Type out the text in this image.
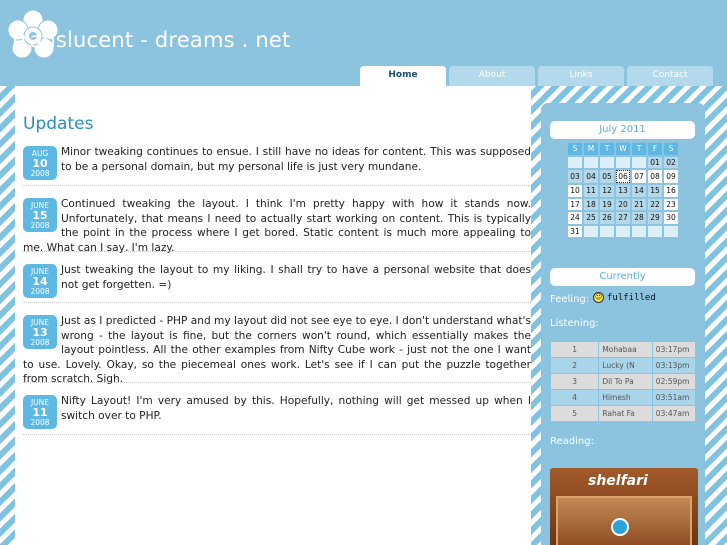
translucent - dreams . net
Home	About	Links	Contact
Updates
AUG
10
2008
Minor tweaking continues to ensue. I still have no ideas for content. This was supposed to be a personal domain, but my personal life is just very mundane.
JUNE
15
2008
Continued tweaking the layout. I think I'm pretty happy with how it stands now. Unfortunately, that means I need to actually start working on content. This is typically the point in the process where I get bored. Static content is much more appealing to me. What can I say, I'm lazy.
JUNE
14
2008
Just tweaking the layout to my liking. I shall try to have a personal website that does not get forgetten. =)
JUNE
13
2008
Just as I predicted - PHP and my layout did not see eye to eye. I don't understand what's wrong - the layout is fine, but the corners won't round, which essentially makes the layout pointless. All the other examples from Nifty Cube work - just not the one I want to use. Lovely. Okay, so the piecemeal ones work. Let's see if I can put the puzzle together from scratch. Sigh.
JUNE
11
2008
Nifty Layout! I'm very amused by this. Hopefully, nothing will get messed up when I switch over to PHP.
July 2011
S	M	T	W	T	F	S
					01	02
03	04	05	06	07	08	09
10	11	12	13	14	15	16
17	18	19	20	21	22	23
24	25	26	27	28	29	30
31						
Currently
Feeling: ☺ fulfilled
Listening:
1	Mohabaa	03:17pm
2	Lucky (N	03:13pm
3	Dil To Pa	02:59pm
4	Himesh	03:51am
5	Rahat Fa	03:47am
Reading:
shelfari
